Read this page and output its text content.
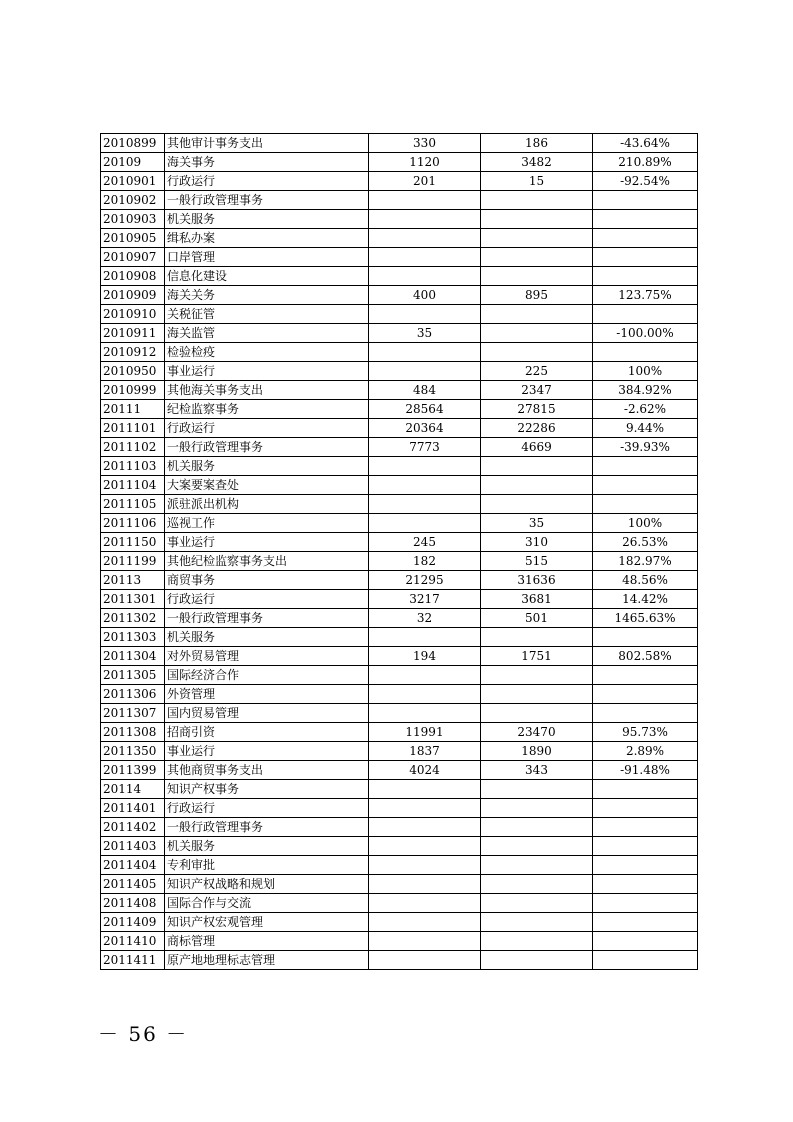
2010899	其他审计事务支出	330	186	-43.64%
20109	海关事务	1120	3482	210.89%
2010901	行政运行	201	15	-92.54%
2010902	一般行政管理事务			
2010903	机关服务			
2010905	缉私办案			
2010907	口岸管理			
2010908	信息化建设			
2010909	海关关务	400	895	123.75%
2010910	关税征管			
2010911	海关监管	35		-100.00%
2010912	检验检疫			
2010950	事业运行		225	100%
2010999	其他海关事务支出	484	2347	384.92%
20111	纪检监察事务	28564	27815	-2.62%
2011101	行政运行	20364	22286	9.44%
2011102	一般行政管理事务	7773	4669	-39.93%
2011103	机关服务			
2011104	大案要案查处			
2011105	派驻派出机构			
2011106	巡视工作		35	100%
2011150	事业运行	245	310	26.53%
2011199	其他纪检监察事务支出	182	515	182.97%
20113	商贸事务	21295	31636	48.56%
2011301	行政运行	3217	3681	14.42%
2011302	一般行政管理事务	32	501	1465.63%
2011303	机关服务			
2011304	对外贸易管理	194	1751	802.58%
2011305	国际经济合作			
2011306	外资管理			
2011307	国内贸易管理			
2011308	招商引资	11991	23470	95.73%
2011350	事业运行	1837	1890	2.89%
2011399	其他商贸事务支出	4024	343	-91.48%
20114	知识产权事务			
2011401	行政运行			
2011402	一般行政管理事务			
2011403	机关服务			
2011404	专利审批			
2011405	知识产权战略和规划			
2011408	国际合作与交流			
2011409	知识产权宏观管理			
2011410	商标管理			
2011411	原产地地理标志管理			
－ 56 －
